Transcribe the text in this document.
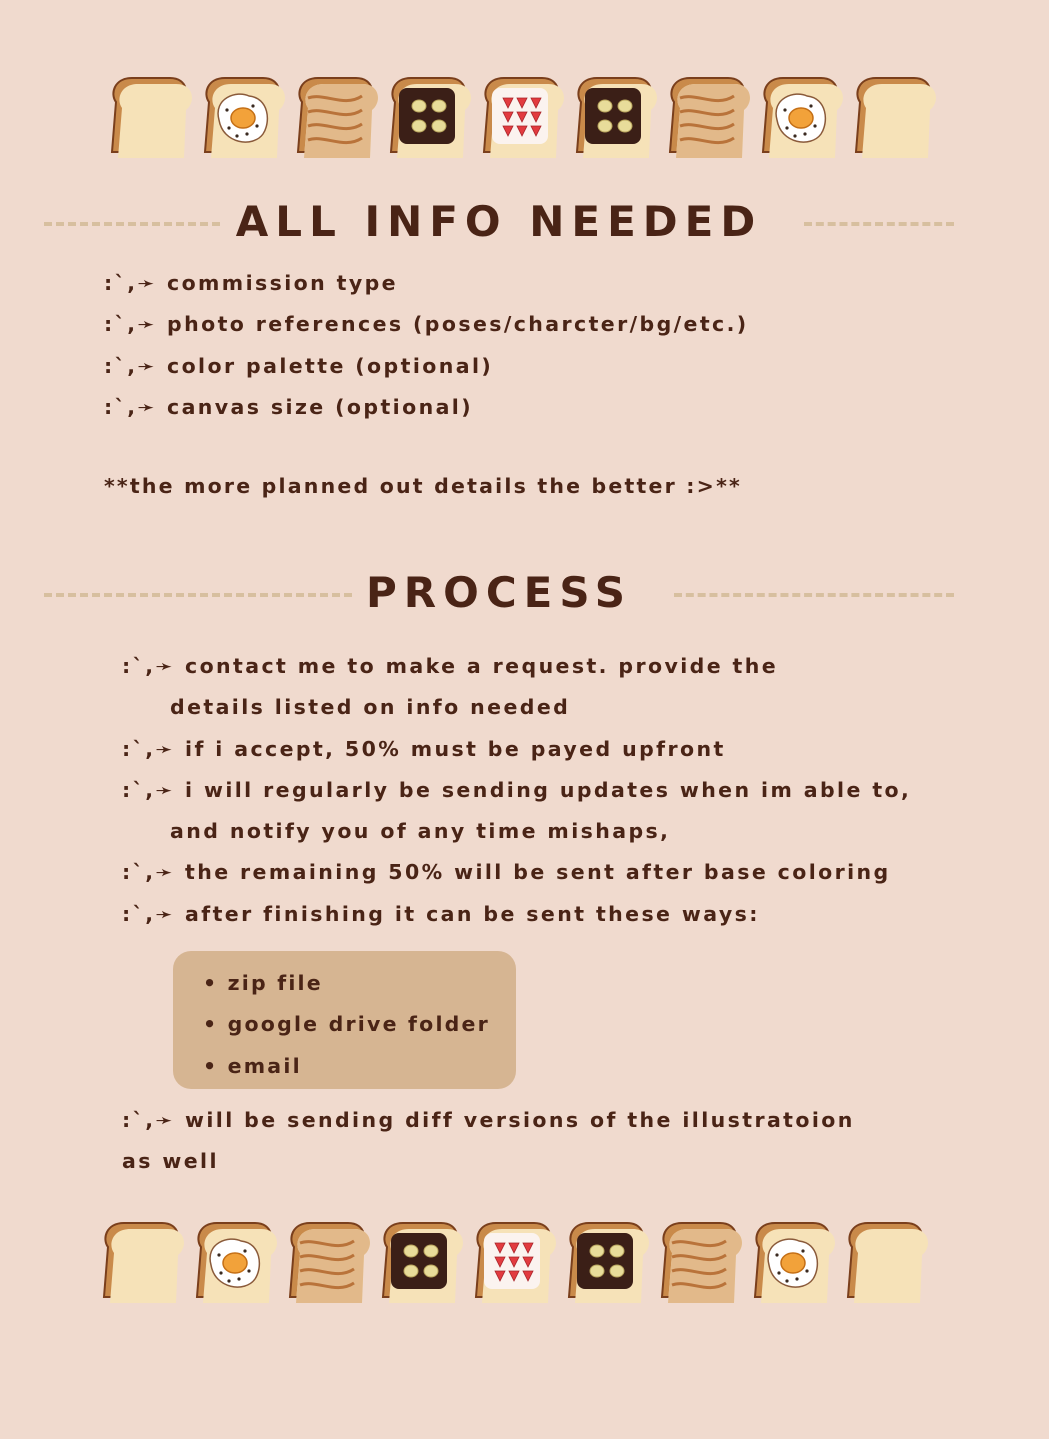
ALL INFO NEEDED
:`,➛ commission type
:`,➛ photo references (poses/charcter/bg/etc.)
:`,➛ color palette (optional)
:`,➛ canvas size (optional)
**the more planned out details the better :>**
PROCESS
:`,➛ contact me to make a request. provide the
details listed on info needed
:`,➛ if i accept, 50% must be payed upfront
:`,➛ i will regularly be sending updates when im able to,
and notify you of any time mishaps,
:`,➛ the remaining 50% will be sent after base coloring
:`,➛ after finishing it can be sent these ways:
• zip file
• google drive folder
• email
:`,➛ will be sending diff versions of the illustratoion
as well
